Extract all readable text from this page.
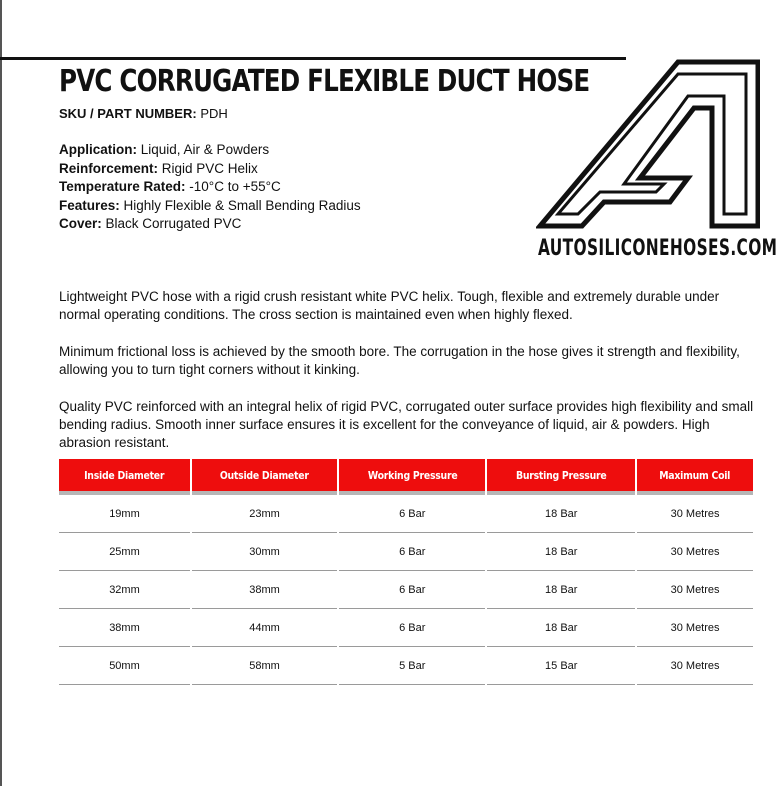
PVC CORRUGATED FLEXIBLE DUCT HOSE
SKU / PART NUMBER: PDH
Application: Liquid, Air & Powders
Reinforcement: Rigid PVC Helix
Temperature Rated: -10°C to +55°C
Features: Highly Flexible & Small Bending Radius
Cover: Black Corrugated PVC
AUTOSILICONEHOSES.COM

Lightweight PVC hose with a rigid crush resistant white PVC helix. Tough, flexible and extremely durable under normal operating conditions. The cross section is maintained even when highly flexed.

Minimum frictional loss is achieved by the smooth bore. The corrugation in the hose gives it strength and flexibility, allowing you to turn tight corners without it kinking.

Quality PVC reinforced with an integral helix of rigid PVC, corrugated outer surface provides high flexibility and small bending radius. Smooth inner surface ensures it is excellent for the conveyance of liquid, air & powders. High abrasion resistant.

Inside Diameter	Outside Diameter	Working Pressure	Bursting Pressure	Maximum Coil
19mm	23mm	6 Bar	18 Bar	30 Metres
25mm	30mm	6 Bar	18 Bar	30 Metres
32mm	38mm	6 Bar	18 Bar	30 Metres
38mm	44mm	6 Bar	18 Bar	30 Metres
50mm	58mm	5 Bar	15 Bar	30 Metres
